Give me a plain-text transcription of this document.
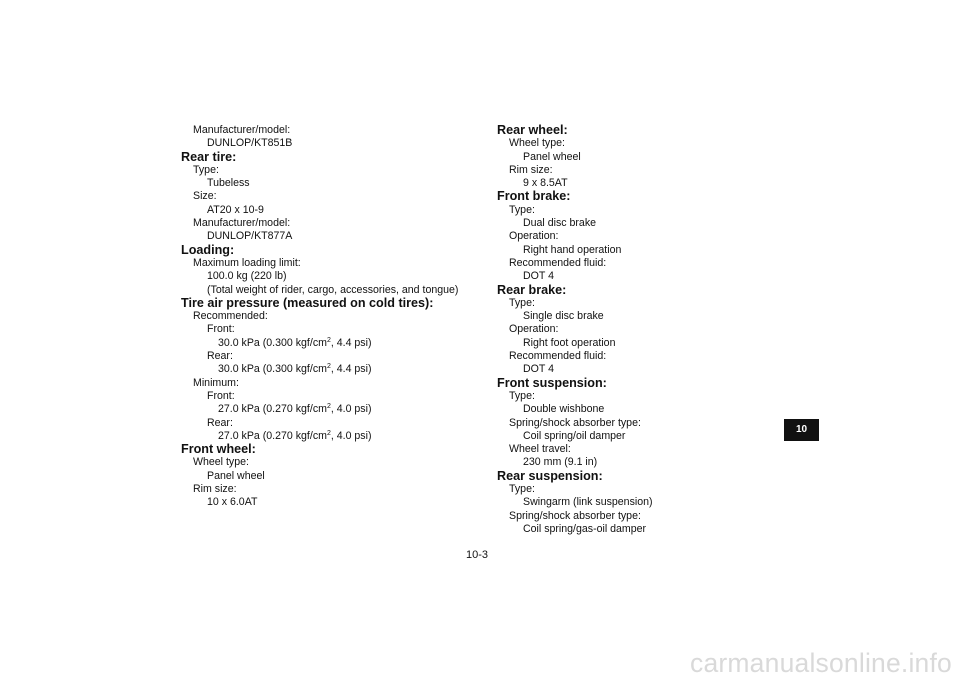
Manufacturer/model:
DUNLOP/KT851B
Rear tire:
Type:
Tubeless
Size:
AT20 x 10-9
Manufacturer/model:
DUNLOP/KT877A
Loading:
Maximum loading limit:
100.0 kg (220 lb)
(Total weight of rider, cargo, accessories, and tongue)
Tire air pressure (measured on cold tires):
Recommended:
Front:
30.0 kPa (0.300 kgf/$cm^2$, 4.4 psi)
Rear:
30.0 kPa (0.300 kgf/$cm^2$, 4.4 psi)
Minimum:
Front:
27.0 kPa (0.270 kgf/$cm^2$, 4.0 psi)
Rear:
27.0 kPa (0.270 kgf/$cm^2$, 4.0 psi)
Front wheel:
Wheel type:
Panel wheel
Rim size:
10 x 6.0AT
Rear wheel:
Wheel type:
Panel wheel
Rim size:
9 x 8.5AT
Front brake:
Type:
Dual disc brake
Operation:
Right hand operation
Recommended fluid:
DOT 4
Rear brake:
Type:
Single disc brake
Operation:
Right foot operation
Recommended fluid:
DOT 4
Front suspension:
Type:
Double wishbone
Spring/shock absorber type:
Coil spring/oil damper
Wheel travel:
230 mm (9.1 in)
Rear suspension:
Type:
Swingarm (link suspension)
Spring/shock absorber type:
Coil spring/gas-oil damper
10
10-3
carmanualsonline.info
